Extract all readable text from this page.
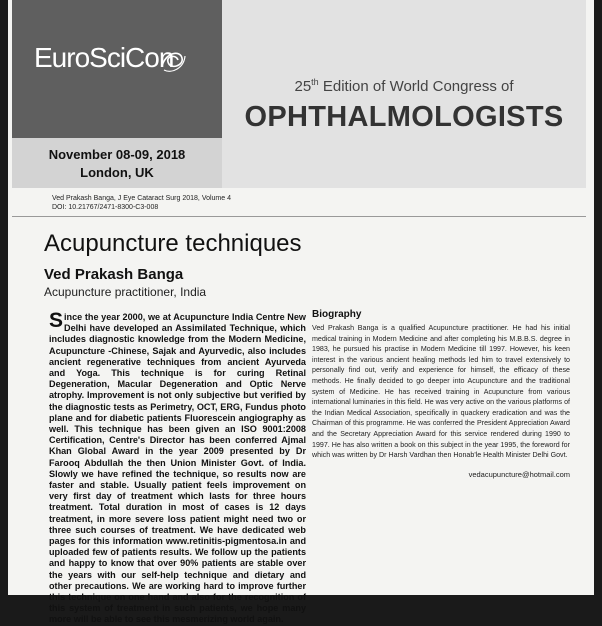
EuroSciCon
November 08-09, 2018
London, UK
25th Edition of World Congress of
OPHTHALMOLOGISTS
Ved Prakash Banga, J Eye Cataract Surg 2018, Volume 4
DOI: 10.21767/2471-8300-C3-008
Acupuncture techniques
Ved Prakash Banga
Acupuncture practitioner, India
Since the year 2000, we at Acupuncture India Centre New Delhi have developed an Assimilated Technique, which includes diagnostic knowledge from the Modern Medicine, Acupuncture -Chinese, Sajak and Ayurvedic, also includes ancient regenerative techniques from ancient Ayurveda and Yoga. This technique is for curing Retinal Degeneration, Macular Degeneration and Optic Nerve atrophy. Improvement is not only subjective but verified by the diagnostic tests as Perimetry, OCT, ERG, Fundus photo plane and for diabetic patients Fluorescein angiography as well. This technique has been given an ISO 9001:2008 Certification, Centre's Director has been conferred Ajmal Khan Global Award in the year 2009 presented by Dr Farooq Abdullah the then Union Minister Govt. of India. Slowly we have refined the technique, so results now are faster and stable. Usually patient feels improvement on very first day of treatment which lasts for three hours treatment. Total duration in most of cases is 12 days treatment, in more severe loss patient might need two or three such courses of treatment. We have dedicated web pages for this information www.retinitis-pigmentosa.in and uploaded few of patients results. We follow up the patients and happy to know that over 90% patients are stable over the years with our self-help technique and dietary and other precautions. We are working hard to improve further this technique on one hand and also for the recognition of this system of treatment in such patients, we hope many more will be able to see this mesmerizing world again.
Biography
Ved Prakash Banga is a qualified Acupuncture practitioner. He had his initial medical training in Modern Medicine and after completing his M.B.B.S. degree in 1983, he pursued his practise in Modern Medicine till 1997. However, his keen interest in the various ancient healing methods led him to travel extensively to personally find out, verify and experience for himself, the efficacy of these methods. He finally decided to go deeper into Acupuncture and the traditional system of Medicine. He has received training in Acupuncture from various international luminaries in this field. He was very active on the various platforms of the Indian Medical Association, specifically in quackery eradication and was the Chairman of this programme. He was conferred the President Appreciation Award and the Secretary Appreciation Award for this service rendered during 1990 to 1997. He has also written a book on this subject in the year 1995, the foreword for which was written by Dr Harsh Vardhan then Honab'le Health Minister Delhi Govt.
vedacupuncture@hotmail.com
